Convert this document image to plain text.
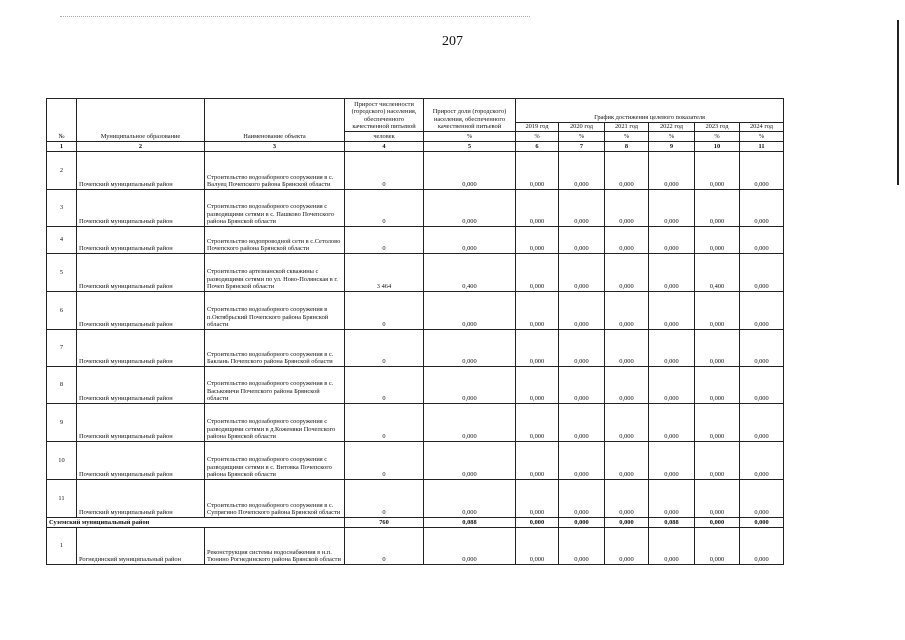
207
№	Муниципальное образование	Наименование объекта	Прирост численности (городского) населения, обеспеченного качественной питьевой	Прирост доли (городского) населения, обеспеченного качественной питьевой	График достижения целевого показателя					
					2019 год	2020 год	2021 год	2022 год	2023 год	2024 год
			человек	%	%	%	%	%	%	%
1	2	3	4	5	6	7	8	9	10	11
2	Почепский муниципальный район	Строительство водозаборного сооружения в с. Валуец Почепского района Брянской области	0	0,000	0,000	0,000	0,000	0,000	0,000	0,000
3	Почепский муниципальный район	Строительство водозаборного сооружения с разводящими сетями в с. Пашково Почепского района Брянской области	0	0,000	0,000	0,000	0,000	0,000	0,000	0,000
4	Почепский муниципальный район	Строительство водопроводной сети в с.Сетолово Почепского района Брянской области	0	0,000	0,000	0,000	0,000	0,000	0,000	0,000
5	Почепский муниципальный район	Строительство артезианской скважины с разводящими сетями по ул. Ново-Полянская в г. Почеп Брянской области	3 464	0,400	0,000	0,000	0,000	0,000	0,400	0,000
6	Почепский муниципальный район	Строительство водозаборного сооружения в п.Октябрьский Почепского района Брянской области	0	0,000	0,000	0,000	0,000	0,000	0,000	0,000
7	Почепский муниципальный район	Строительство водозаборного сооружения в с. Баклань Почепского района Брянской области	0	0,000	0,000	0,000	0,000	0,000	0,000	0,000
8	Почепский муниципальный район	Строительство водозаборного сооружения в с. Васьковичи Почепского района Брянской области	0	0,000	0,000	0,000	0,000	0,000	0,000	0,000
9	Почепский муниципальный район	Строительство водозаборного сооружения с разводящими сетями в д.Коженяки Почепского района Брянской области	0	0,000	0,000	0,000	0,000	0,000	0,000	0,000
10	Почепский муниципальный район	Строительство водозаборного сооружения с разводящими сетями в с. Витовка Почепского района Брянской области	0	0,000	0,000	0,000	0,000	0,000	0,000	0,000
11	Почепский муниципальный район	Строительство водозаборного сооружения в с. Супрягино Почепского района Брянской области	0	0,000	0,000	0,000	0,000	0,000	0,000	0,000
Суземский муниципальный район			760	0,088	0,000	0,000	0,000	0,088	0,000	0,000
1	Рогнединский муниципальный район	Реконструкция системы водоснабжения в н.п. Тюнино Рогнединского района Брянской области	0	0,000	0,000	0,000	0,000	0,000	0,000	0,000
